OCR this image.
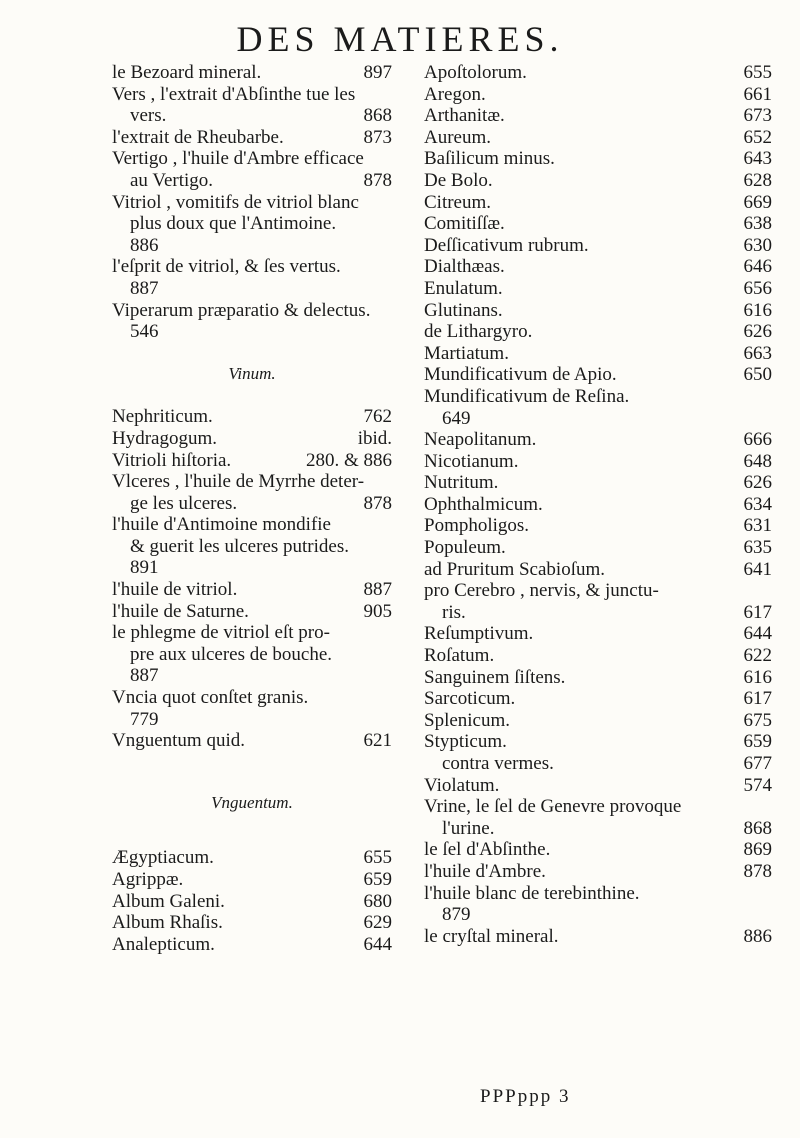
DES MATIERES.
le Bezoard mineral.	897
Vers , l'extrait d'Abſinthe tue les
vers.	868
l'extrait de Rheubarbe.	873
Vertigo , l'huile d'Ambre efficace
au Vertigo.	878
Vitriol , vomitifs de vitriol blanc
plus doux que l'Antimoine.
886
l'eſprit de vitriol, & ſes vertus.
887
Viperarum præparatio & delectus.
546
Vinum.
Nephriticum.	762
Hydragogum.	ibid.
Vitrioli hiſtoria.	280. & 886
Vlceres , l'huile de Myrrhe deter-
ge les ulceres.	878
l'huile d'Antimoine mondifie
& guerit les ulceres putrides.
891
l'huile de vitriol.	887
l'huile de Saturne.	905
le phlegme de vitriol eſt pro-
pre aux ulceres de bouche.
887
Vncia quot conſtet granis.
779
Vnguentum quid.	621
Vnguentum.
Ægyptiacum.	655
Agrippæ.	659
Album Galeni.	680
Album Rhaſis.	629
Analepticum.	644
Apoſtolorum.	655
Aregon.	661
Arthanitæ.	673
Aureum.	652
Baſilicum minus.	643
De Bolo.	628
Citreum.	669
Comitiſſæ.	638
Deſſicativum rubrum.	630
Dialthæas.	646
Enulatum.	656
Glutinans.	616
de Lithargyro.	626
Martiatum.	663
Mundificativum de Apio.	650
Mundificativum de Reſina.
649
Neapolitanum.	666
Nicotianum.	648
Nutritum.	626
Ophthalmicum.	634
Pompholigos.	631
Populeum.	635
ad Pruritum Scabioſum.	641
pro Cerebro , nervis, & junctu-
ris.	617
Reſumptivum.	644
Roſatum.	622
Sanguinem ſiſtens.	616
Sarcoticum.	617
Splenicum.	675
Stypticum.	659
contra vermes.	677
Violatum.	574
Vrine, le ſel de Genevre provoque
l'urine.	868
le ſel d'Abſinthe.	869
l'huile d'Ambre.	878
l'huile blanc de terebinthine.
879
le cryſtal mineral.	886
PPPppp 3
